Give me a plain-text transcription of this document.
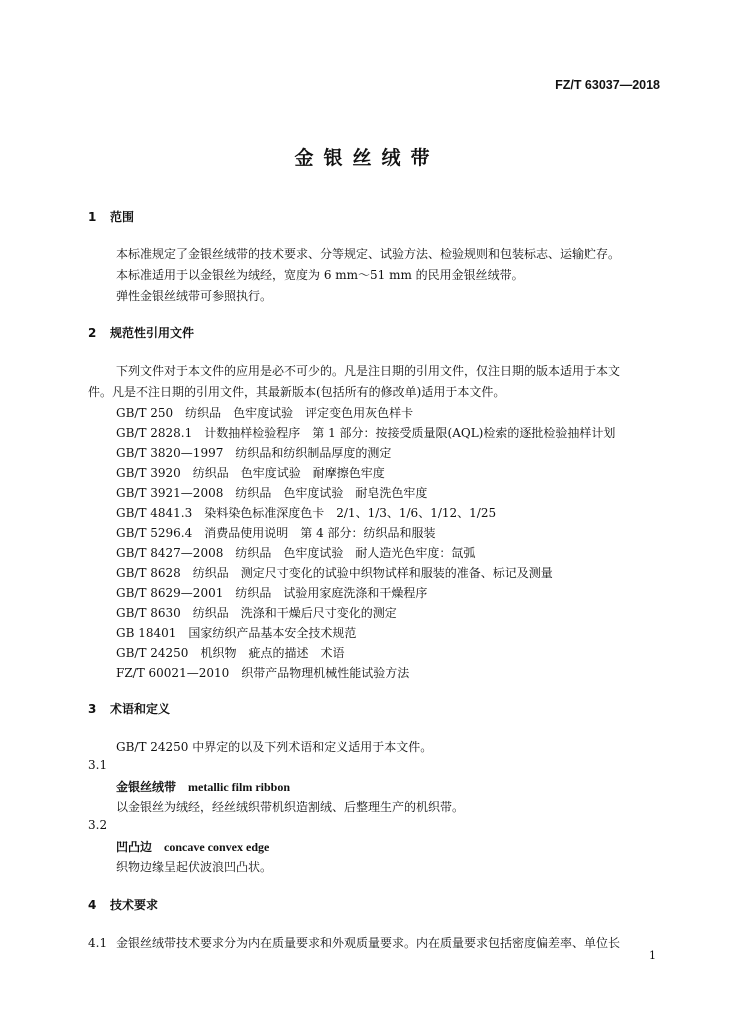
FZ/T 63037—2018
金银丝绒带
1 范围
本标准规定了金银丝绒带的技术要求、分等规定、试验方法、检验规则和包装标志、运输贮存。
本标准适用于以金银丝为绒经，宽度为 6 mm～51 mm 的民用金银丝绒带。
弹性金银丝绒带可参照执行。
2 规范性引用文件
下列文件对于本文件的应用是必不可少的。凡是注日期的引用文件，仅注日期的版本适用于本文
件。凡是不注日期的引用文件，其最新版本(包括所有的修改单)适用于本文件。
GB/T 250　纺织品　色牢度试验　评定变色用灰色样卡
GB/T 2828.1　计数抽样检验程序　第 1 部分：按接受质量限(AQL)检索的逐批检验抽样计划
GB/T 3820—1997　纺织品和纺织制品厚度的测定
GB/T 3920　纺织品　色牢度试验　耐摩擦色牢度
GB/T 3921—2008　纺织品　色牢度试验　耐皂洗色牢度
GB/T 4841.3　染料染色标准深度色卡　2/1、1/3、1/6、1/12、1/25
GB/T 5296.4　消费品使用说明　第 4 部分：纺织品和服装
GB/T 8427—2008　纺织品　色牢度试验　耐人造光色牢度：氙弧
GB/T 8628　纺织品　测定尺寸变化的试验中织物试样和服装的准备、标记及测量
GB/T 8629—2001　纺织品　试验用家庭洗涤和干燥程序
GB/T 8630　纺织品　洗涤和干燥后尺寸变化的测定
GB 18401　国家纺织产品基本安全技术规范
GB/T 24250　机织物　疵点的描述　术语
FZ/T 60021—2010　织带产品物理机械性能试验方法
3 术语和定义
GB/T 24250 中界定的以及下列术语和定义适用于本文件。
3.1
金银丝绒带 metallic film ribbon
以金银丝为绒经，经丝绒织带机织造割绒、后整理生产的机织带。
3.2
凹凸边 concave convex edge
织物边缘呈起伏波浪凹凸状。
4 技术要求
4.1 金银丝绒带技术要求分为内在质量要求和外观质量要求。内在质量要求包括密度偏差率、单位长
1
